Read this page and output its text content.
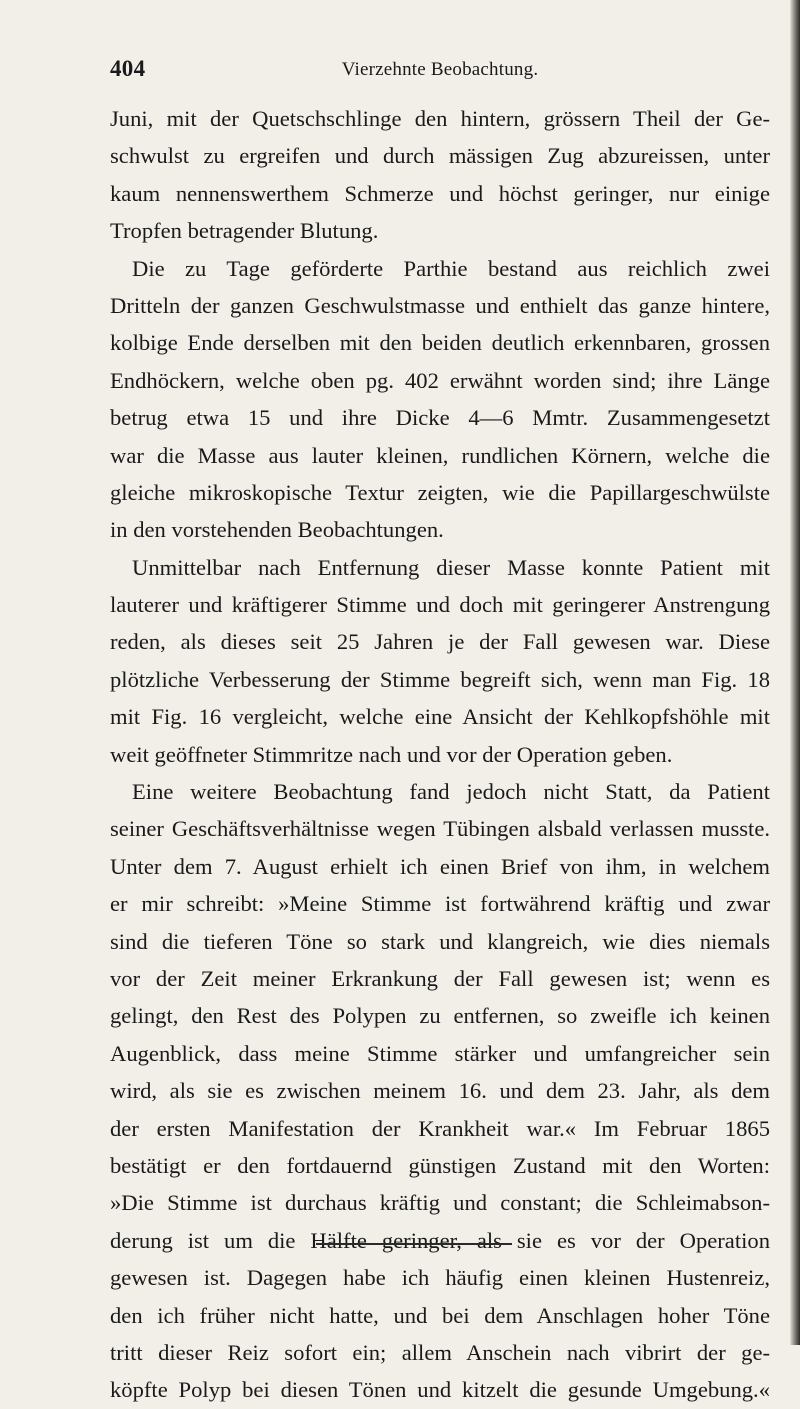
404	Vierzehnte Beobachtung.
Juni, mit der Quetschschlinge den hintern, grössern Theil der Ge-
schwulst zu ergreifen und durch mässigen Zug abzureissen, unter
kaum nennenswerthem Schmerze und höchst geringer, nur einige
Tropfen betragender Blutung.
Die zu Tage geförderte Parthie bestand aus reichlich zwei
Dritteln der ganzen Geschwulstmasse und enthielt das ganze hintere,
kolbige Ende derselben mit den beiden deutlich erkennbaren, grossen
Endhöckern, welche oben pg. 402 erwähnt worden sind; ihre Länge
betrug etwa 15 und ihre Dicke 4—6 Mmtr. Zusammengesetzt
war die Masse aus lauter kleinen, rundlichen Körnern, welche die
gleiche mikroskopische Textur zeigten, wie die Papillargeschwülste
in den vorstehenden Beobachtungen.
Unmittelbar nach Entfernung dieser Masse konnte Patient mit
lauterer und kräftigerer Stimme und doch mit geringerer Anstrengung
reden, als dieses seit 25 Jahren je der Fall gewesen war. Diese
plötzliche Verbesserung der Stimme begreift sich, wenn man Fig. 18
mit Fig. 16 vergleicht, welche eine Ansicht der Kehlkopfshöhle mit
weit geöffneter Stimmritze nach und vor der Operation geben.
Eine weitere Beobachtung fand jedoch nicht Statt, da Patient
seiner Geschäftsverhältnisse wegen Tübingen alsbald verlassen musste.
Unter dem 7. August erhielt ich einen Brief von ihm, in welchem
er mir schreibt: »Meine Stimme ist fortwährend kräftig und zwar
sind die tieferen Töne so stark und klangreich, wie dies niemals
vor der Zeit meiner Erkrankung der Fall gewesen ist; wenn es
gelingt, den Rest des Polypen zu entfernen, so zweifle ich keinen
Augenblick, dass meine Stimme stärker und umfangreicher sein
wird, als sie es zwischen meinem 16. und dem 23. Jahr, als dem
der ersten Manifestation der Krankheit war.« Im Februar 1865
bestätigt er den fortdauernd günstigen Zustand mit den Worten:
»Die Stimme ist durchaus kräftig und constant; die Schleimabson-
derung ist um die Hälfte geringer, als sie es vor der Operation
gewesen ist. Dagegen habe ich häufig einen kleinen Hustenreiz,
den ich früher nicht hatte, und bei dem Anschlagen hoher Töne
tritt dieser Reiz sofort ein; allem Anschein nach vibrirt der ge-
köpfte Polyp bei diesen Tönen und kitzelt die gesunde Umgebung.«
